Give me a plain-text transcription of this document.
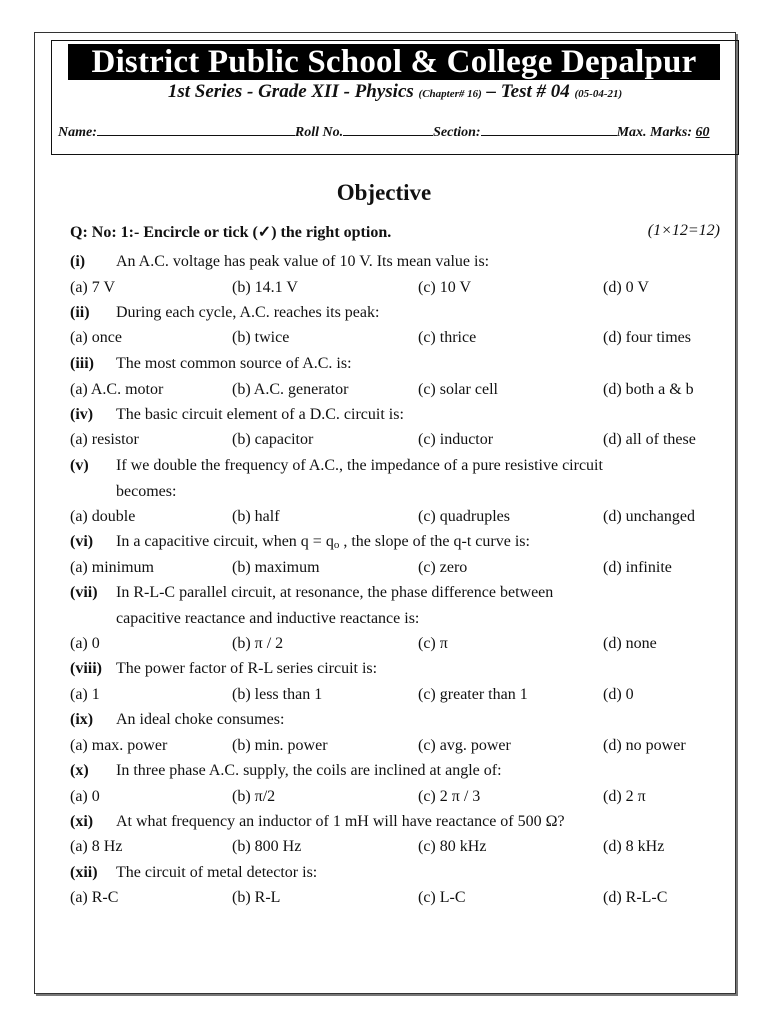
District Public School & College Depalpur
1st Series - Grade XII - Physics (Chapter# 16) – Test # 04 (05-04-21)
Name:	Roll No.	Section:	Max. Marks: 60
Objective
Q: No: 1:- Encircle or tick (✓) the right option.	(1×12=12)
(i) An A.C. voltage has peak value of 10 V. Its mean value is:
(a) 7 V	(b) 14.1 V	(c) 10 V	(d) 0 V
(ii) During each cycle, A.C. reaches its peak:
(a) once	(b) twice	(c) thrice	(d) four times
(iii) The most common source of A.C. is:
(a) A.C. motor	(b) A.C. generator	(c) solar cell	(d) both a & b
(iv) The basic circuit element of a D.C. circuit is:
(a) resistor	(b) capacitor	(c) inductor	(d) all of these
(v) If we double the frequency of A.C., the impedance of a pure resistive circuit
becomes:
(a) double	(b) half	(c) quadruples	(d) unchanged
(vi) In a capacitive circuit, when q = qo , the slope of the q-t curve is:
(a) minimum	(b) maximum	(c) zero	(d) infinite
(vii) In R-L-C parallel circuit, at resonance, the phase difference between
capacitive reactance and inductive reactance is:
(a) 0	(b) π / 2	(c) π	(d) none
(viii) The power factor of R-L series circuit is:
(a) 1	(b) less than 1	(c) greater than 1	(d) 0
(ix) An ideal choke consumes:
(a) max. power	(b) min. power	(c) avg. power	(d) no power
(x) In three phase A.C. supply, the coils are inclined at angle of:
(a) 0	(b) π/2	(c) 2 π / 3	(d) 2 π
(xi) At what frequency an inductor of 1 mH will have reactance of 500 Ω?
(a) 8 Hz	(b) 800 Hz	(c) 80 kHz	(d) 8 kHz
(xii) The circuit of metal detector is:
(a) R-C	(b) R-L	(c) L-C	(d) R-L-C
